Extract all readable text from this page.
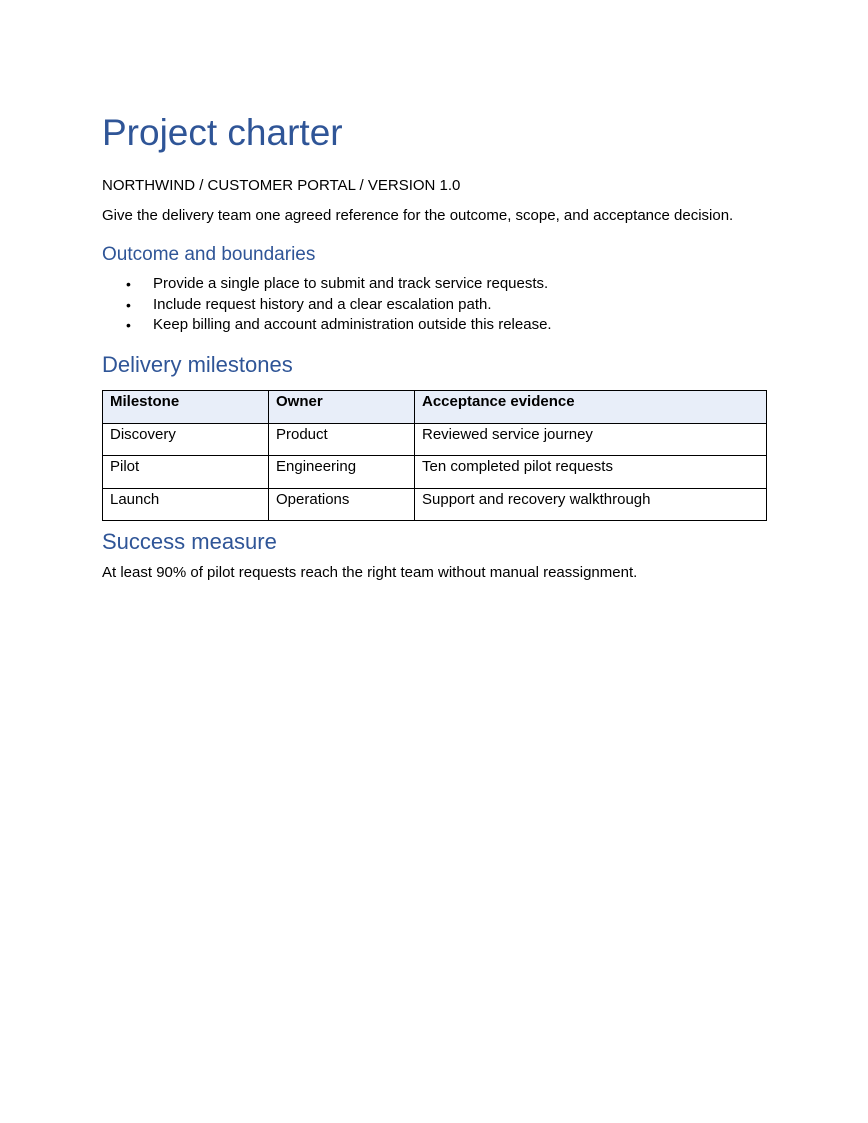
Project charter

NORTHWIND / CUSTOMER PORTAL / VERSION 1.0

Give the delivery team one agreed reference for the outcome, scope, and acceptance decision.

Outcome and boundaries
• Provide a single place to submit and track service requests.
• Include request history and a clear escalation path.
• Keep billing and account administration outside this release.
Delivery milestones
Milestone	Owner	Acceptance evidence
Discovery	Product	Reviewed service journey
Pilot	Engineering	Ten completed pilot requests
Launch	Operations	Support and recovery walkthrough
Success measure

At least 90% of pilot requests reach the right team without manual reassignment.
